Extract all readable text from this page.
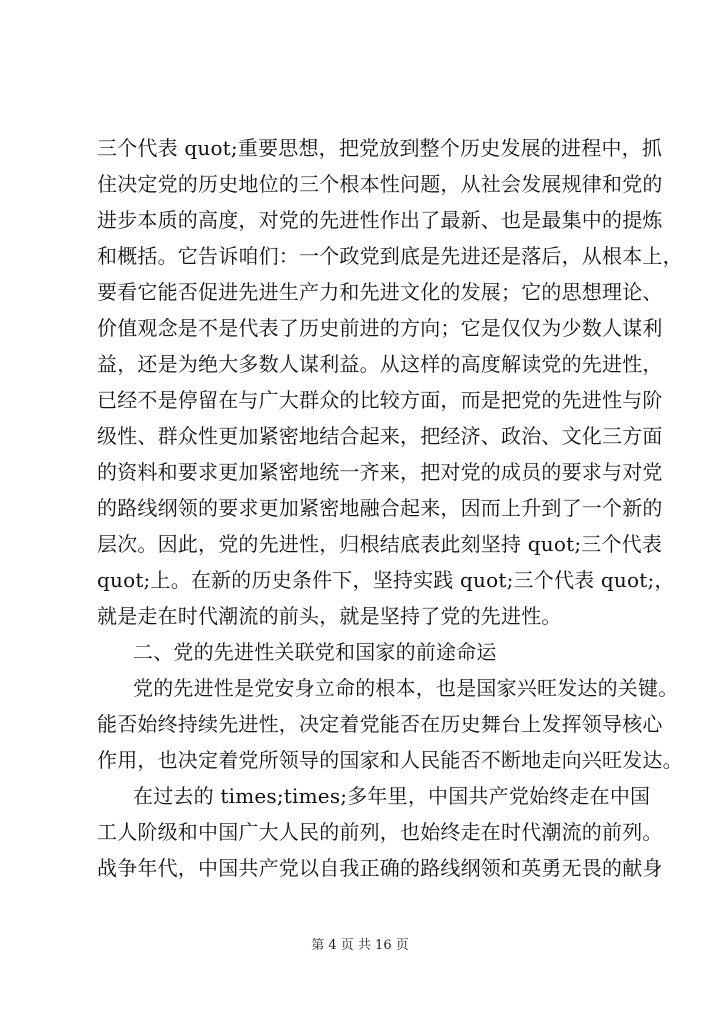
三个代表 quot;重要思想，把党放到整个历史发展的进程中，抓
住决定党的历史地位的三个根本性问题，从社会发展规律和党的
进步本质的高度，对党的先进性作出了最新、也是最集中的提炼
和概括。它告诉咱们：一个政党到底是先进还是落后，从根本上，
要看它能否促进先进生产力和先进文化的发展；它的思想理论、
价值观念是不是代表了历史前进的方向；它是仅仅为少数人谋利
益，还是为绝大多数人谋利益。从这样的高度解读党的先进性，
已经不是停留在与广大群众的比较方面，而是把党的先进性与阶
级性、群众性更加紧密地结合起来，把经济、政治、文化三方面
的资料和要求更加紧密地统一齐来，把对党的成员的要求与对党
的路线纲领的要求更加紧密地融合起来，因而上升到了一个新的
层次。因此，党的先进性，归根结底表此刻坚持 quot;三个代表
quot;上。在新的历史条件下，坚持实践 quot;三个代表 quot;，
就是走在时代潮流的前头，就是坚持了党的先进性。
二、党的先进性关联党和国家的前途命运
党的先进性是党安身立命的根本，也是国家兴旺发达的关键。
能否始终持续先进性，决定着党能否在历史舞台上发挥领导核心
作用，也决定着党所领导的国家和人民能否不断地走向兴旺发达。
在过去的 times;times;多年里，中国共产党始终走在中国
工人阶级和中国广大人民的前列，也始终走在时代潮流的前列。
战争年代，中国共产党以自我正确的路线纲领和英勇无畏的献身
第 4 页 共 16 页
